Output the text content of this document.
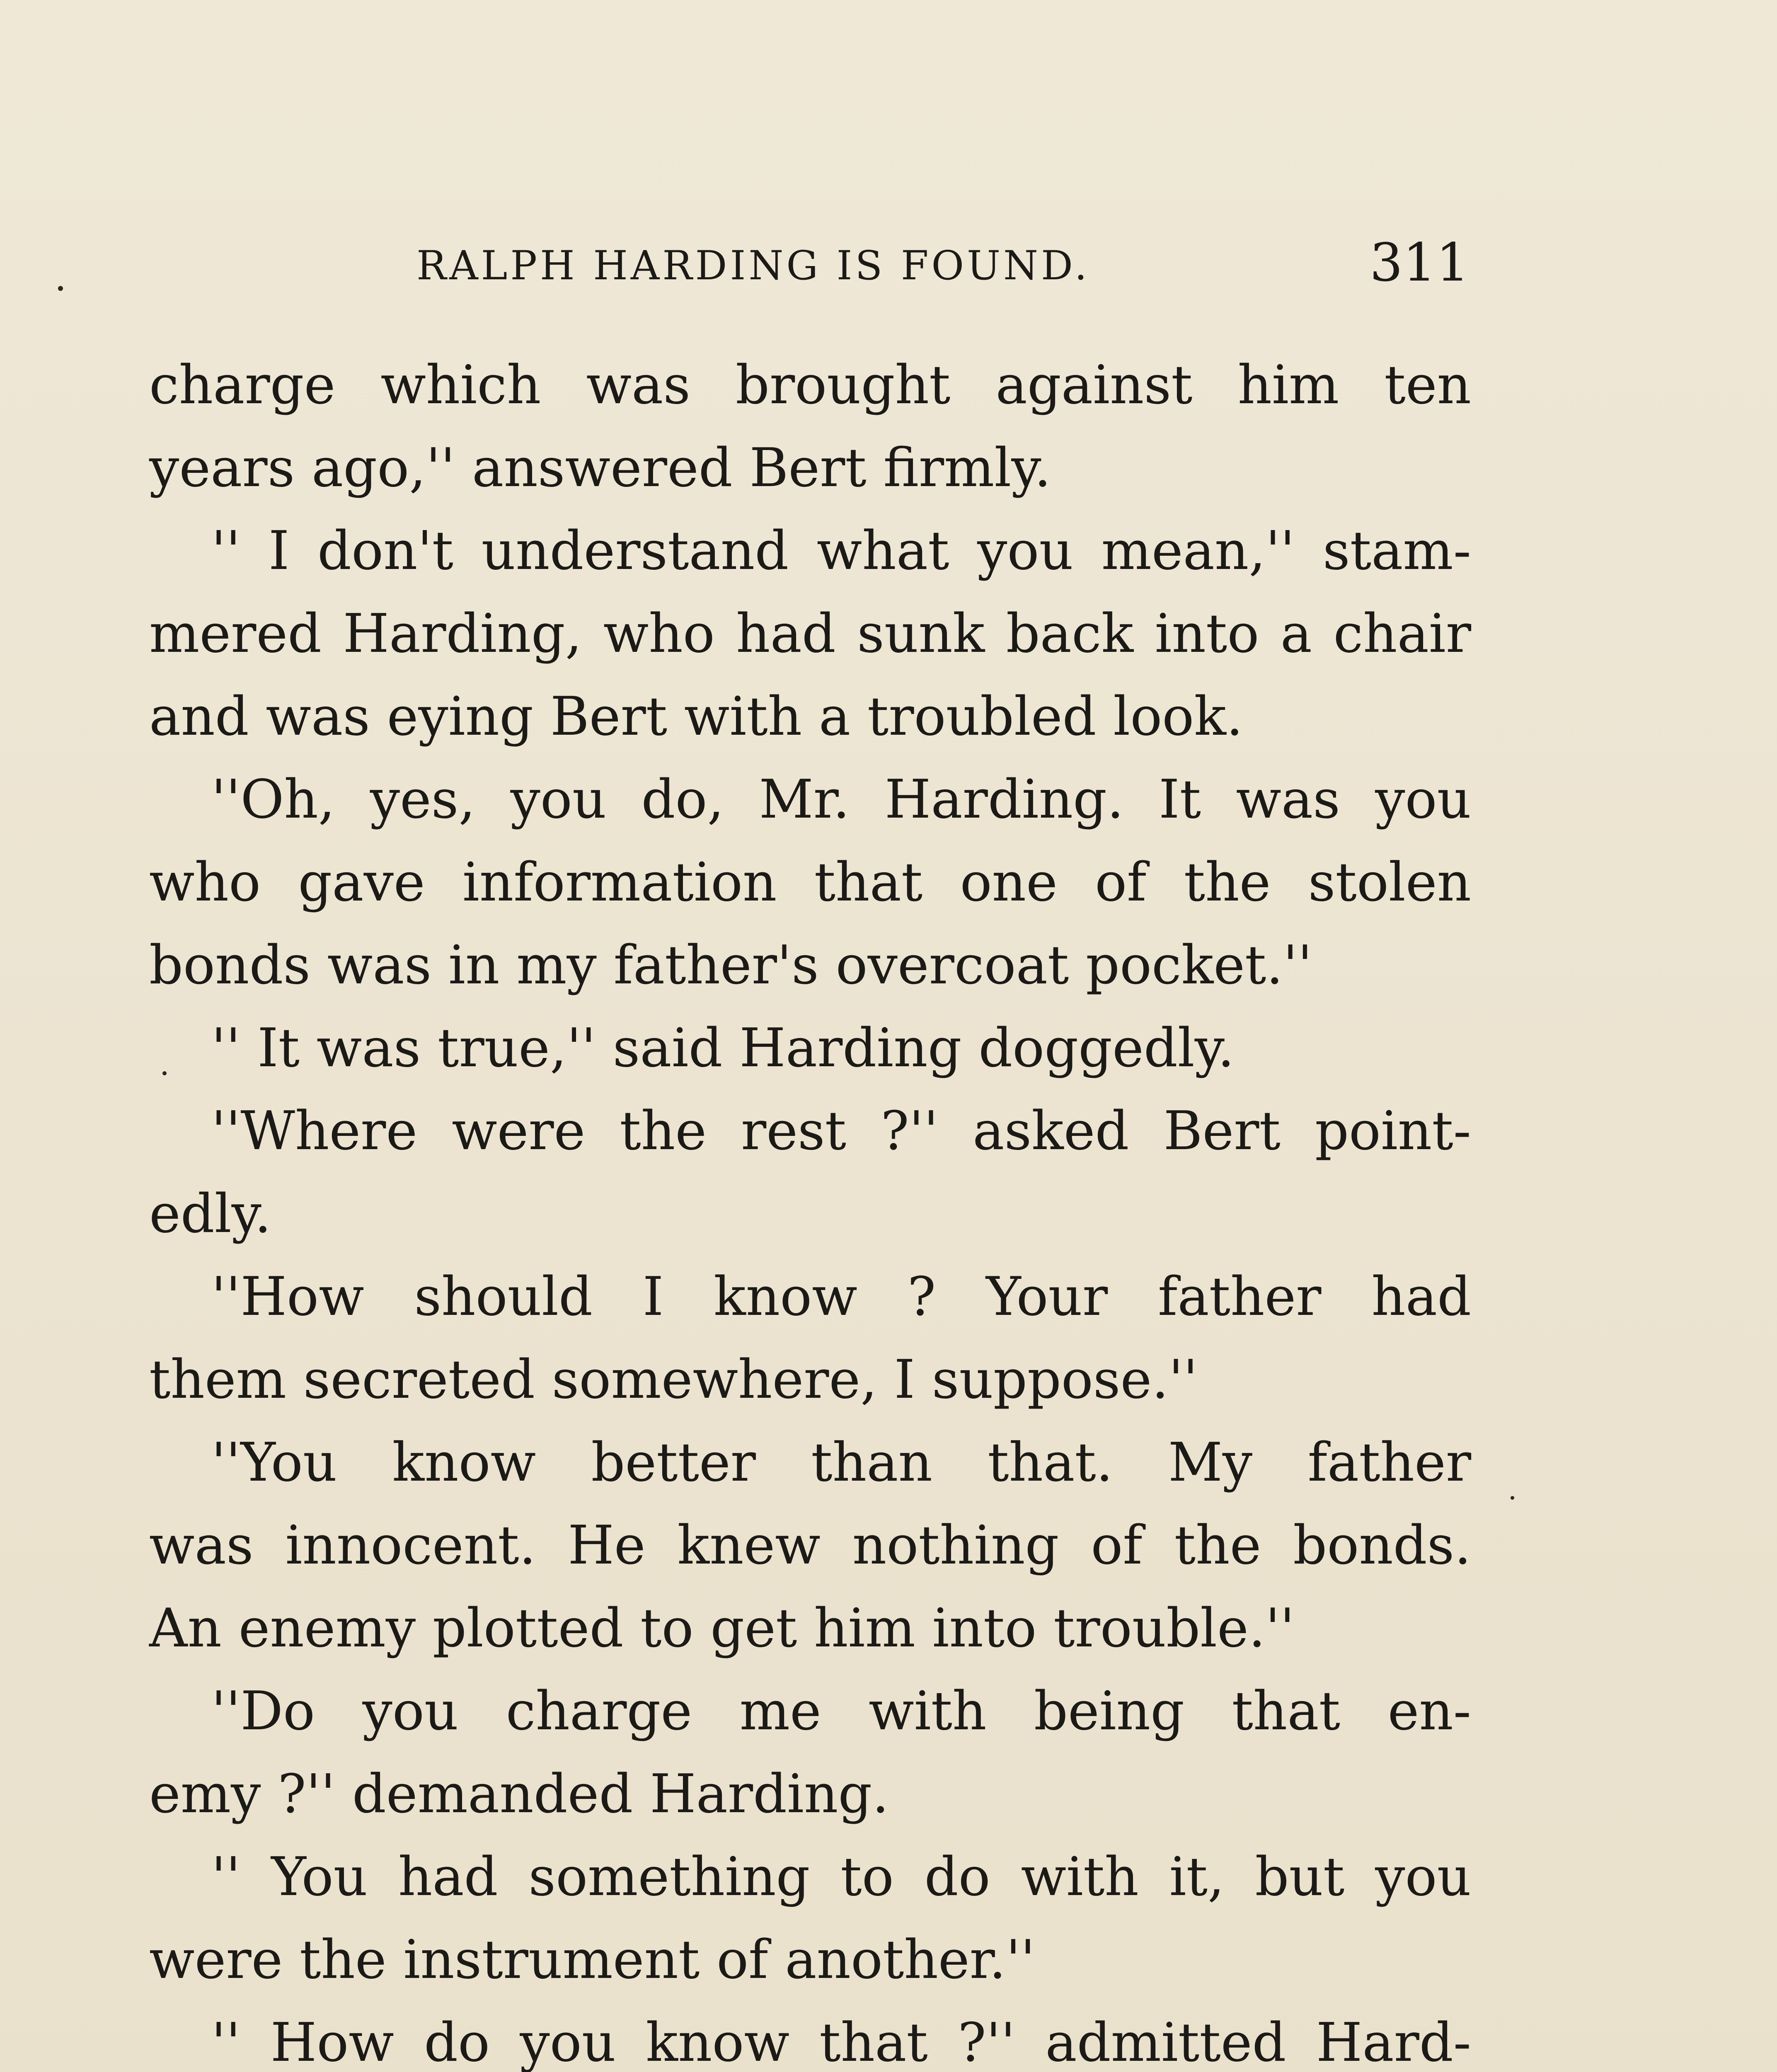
RALPH HARDING IS FOUND.	311
charge which was brought against him ten
years ago,'' answered Bert firmly.
'' I don't understand what you mean,'' stam-
mered Harding, who had sunk back into a chair
and was eying Bert with a troubled look.
''Oh, yes, you do, Mr. Harding. It was you
who gave information that one of the stolen
bonds was in my father's overcoat pocket.''
'' It was true,'' said Harding doggedly.
''Where were the rest ?'' asked Bert point-
edly.
''How should I know ? Your father had
them secreted somewhere, I suppose.''
''You know better than that. My father
was innocent. He knew nothing of the bonds.
An enemy plotted to get him into trouble.''
''Do you charge me with being that en-
emy ?'' demanded Harding.
'' You had something to do with it, but you
were the instrument of another.''
'' How do you know that ?'' admitted Hard-
